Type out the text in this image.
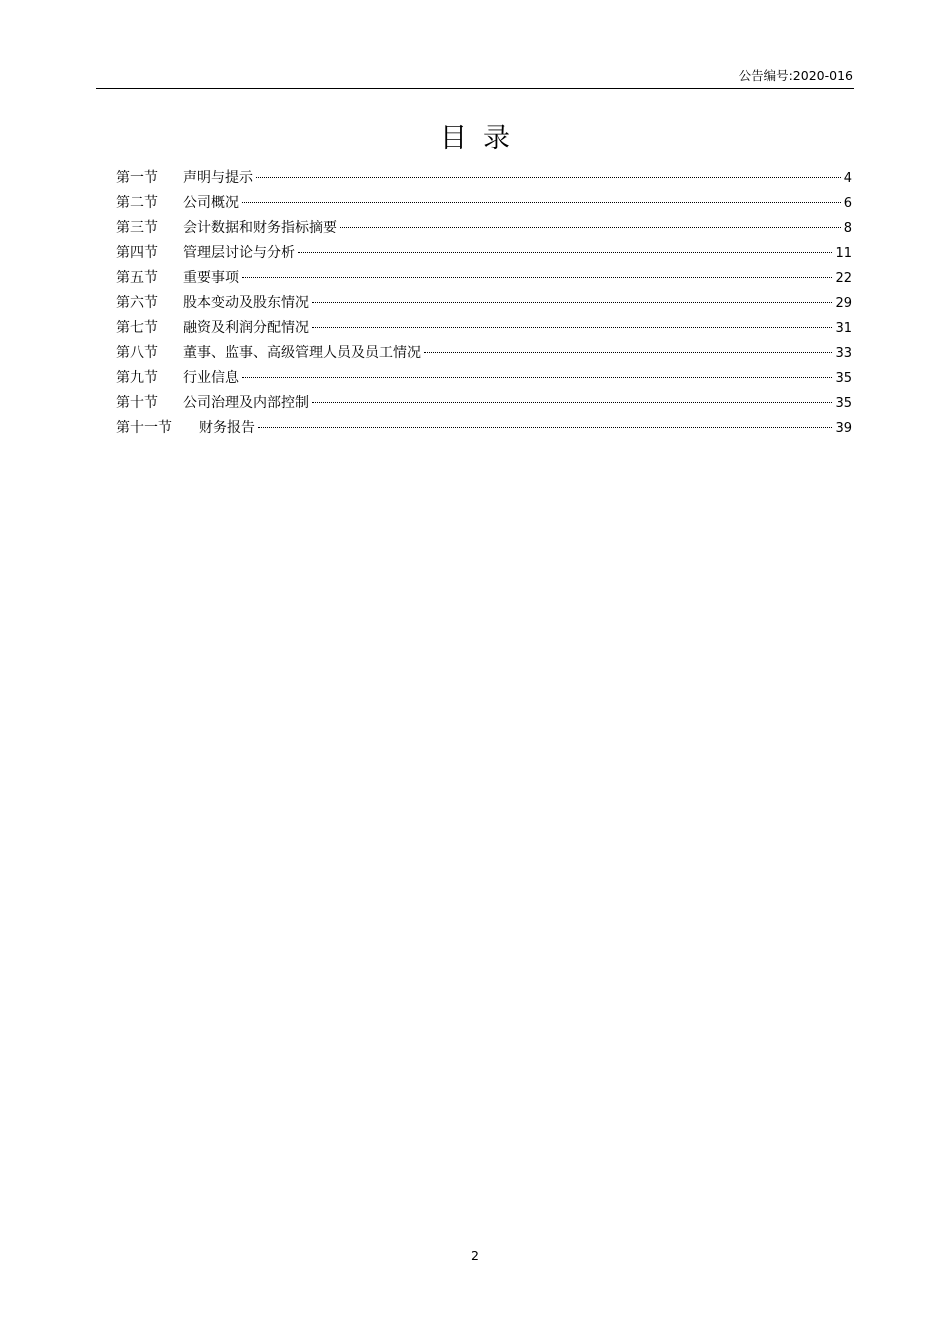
公告编号:2020-016
目录
第一节	声明与提示	4
第二节	公司概况	6
第三节	会计数据和财务指标摘要	8
第四节	管理层讨论与分析	11
第五节	重要事项	22
第六节	股本变动及股东情况	29
第七节	融资及利润分配情况	31
第八节	董事、监事、高级管理人员及员工情况	33
第九节	行业信息	35
第十节	公司治理及内部控制	35
第十一节	财务报告	39
2
